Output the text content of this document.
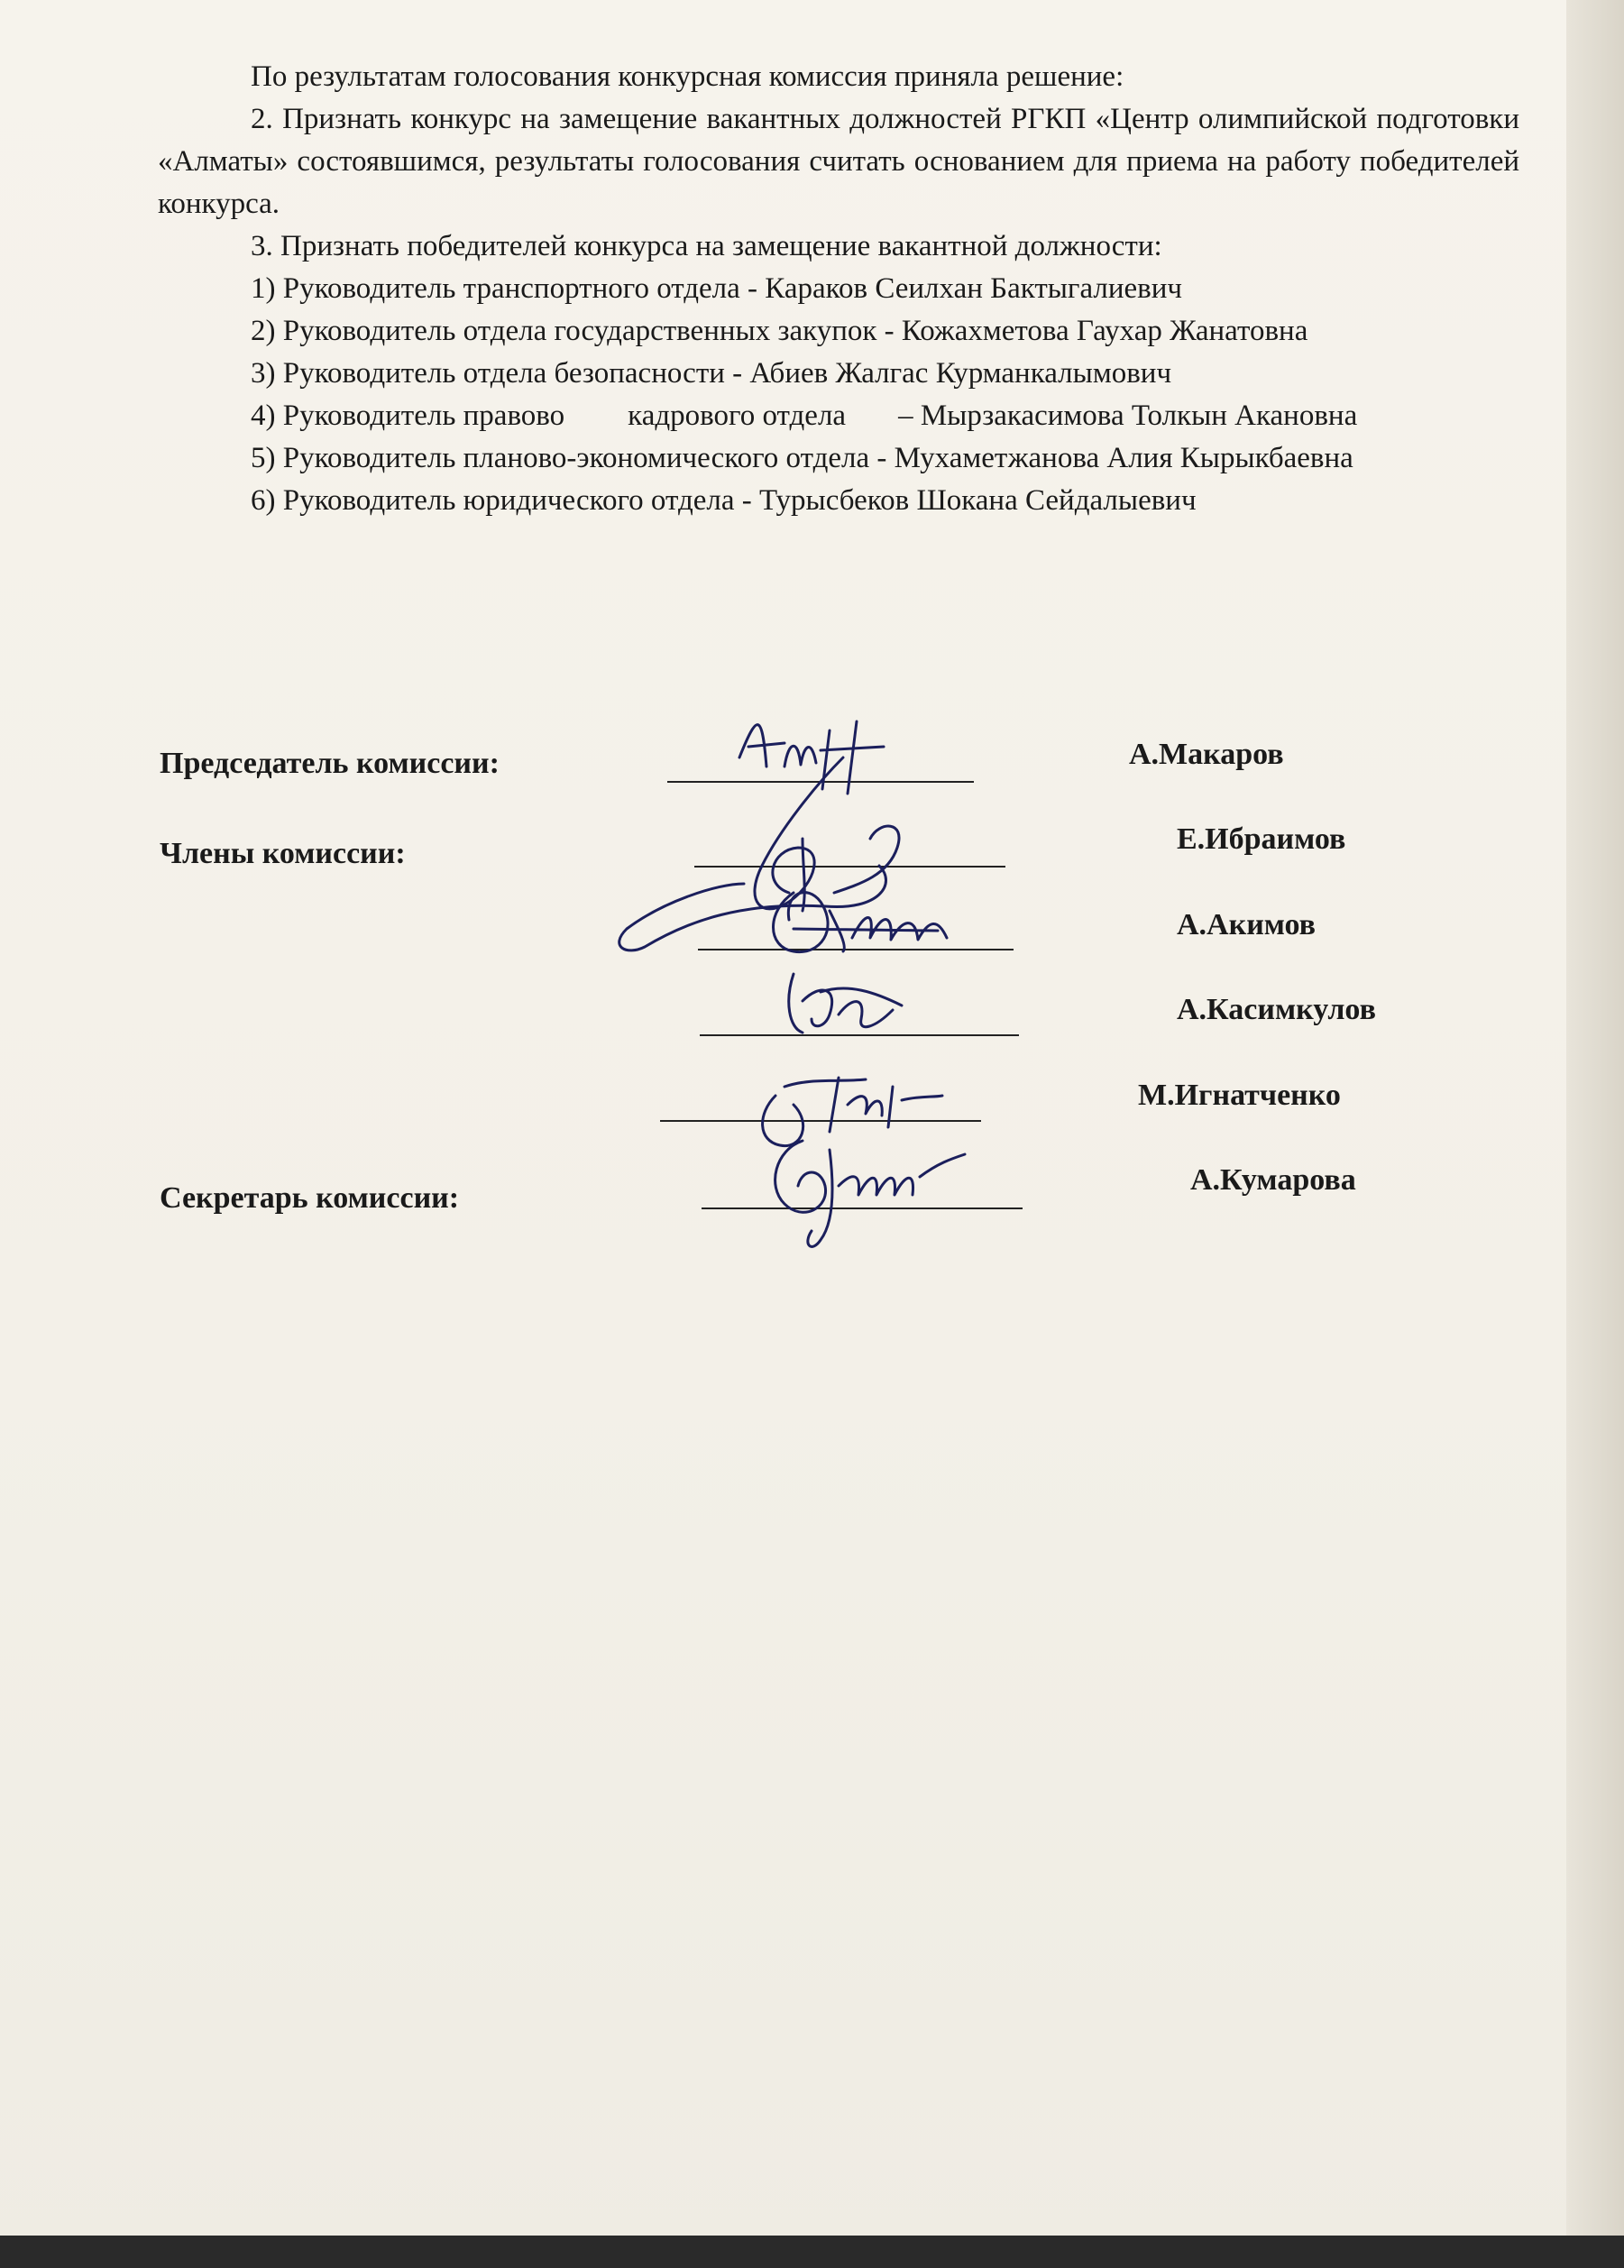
По результатам голосования конкурсная комиссия приняла решение:

2. Признать конкурс на замещение вакантных должностей РГКП «Центр олимпийской подготовки «Алматы» состоявшимся, результаты голосования считать основанием для приема на работу победителей конкурса.

3. Признать победителей конкурса на замещение вакантной должности:

1) Руководитель транспортного отдела - Караков Сеилхан Бактыгалиевич

2) Руководитель отдела государственных закупок - Кожахметова Гаухар Жанатовна

3) Руководитель отдела безопасности - Абиев Жалгас Курманкалымович

4) Руководитель правово кадрового отдела – Мырзакасимова Толкын Акановна

5) Руководитель планово-экономического отдела - Мухаметжанова Алия Кырыкбаевна

6) Руководитель юридического отдела - Турысбеков Шокана Сейдалыевич

Председатель комиссии:	А.Макаров
Члены комиссии:	Е.Ибраимов
А.Акимов
А.Касимкулов
М.Игнатченко
Секретарь комиссии:
А.Кумарова
